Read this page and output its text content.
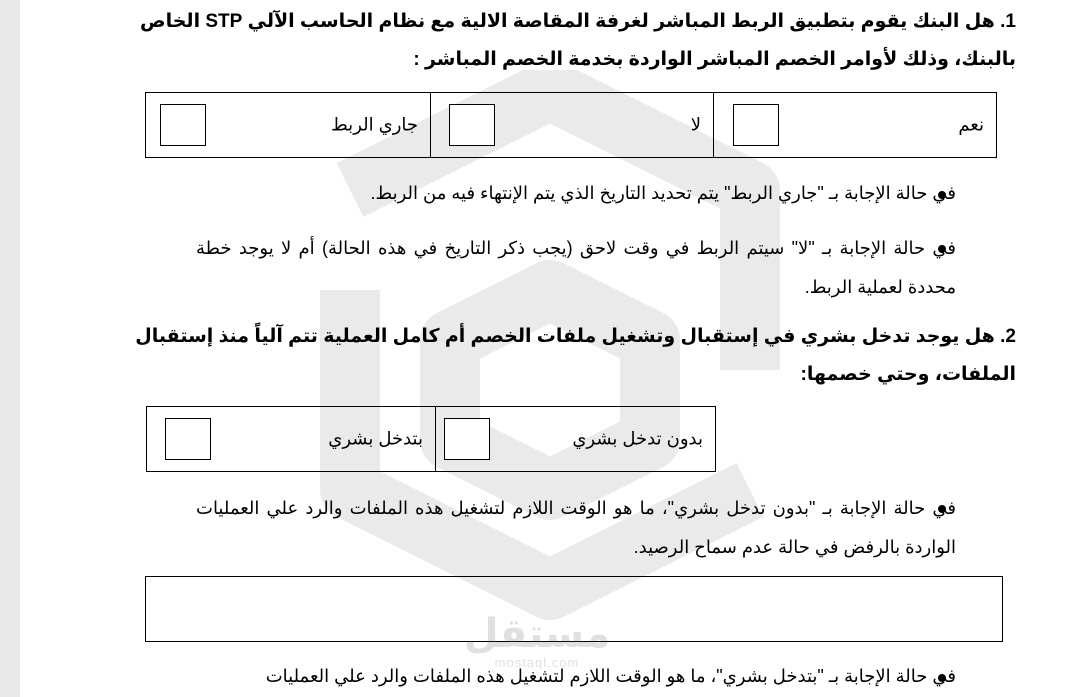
1. هل البنك يقوم بتطبيق الربط المباشر لغرفة المقاصة الالية مع نظام الحاسب الآلي STP الخاص بالبنك، وذلك لأوامر الخصم المباشر الواردة بخدمة الخصم المباشر :
نعم
لا
جاري الربط
في حالة الإجابة بـ "جاري الربط" يتم تحديد التاريخ الذي يتم الإنتهاء فيه من الربط.
في حالة الإجابة بـ "لا" سيتم الربط في وقت لاحق (يجب ذكر التاريخ في هذه الحالة) أم لا يوجد خطة محددة لعملية الربط.
2. هل يوجد تدخل بشري في إستقبال وتشغيل ملفات الخصم أم كامل العملية تتم آلياً منذ إستقبال الملفات، وحتي خصمها:
بدون تدخل بشري
بتدخل بشري
في حالة الإجابة بـ "بدون تدخل بشري"، ما هو الوقت اللازم لتشغيل هذه الملفات والرد علي العمليات الواردة بالرفض في حالة عدم سماح الرصيد.
في حالة الإجابة بـ "بتدخل بشري"، ما هو الوقت اللازم لتشغيل هذه الملفات والرد علي العمليات
مستقل
mostaql.com
